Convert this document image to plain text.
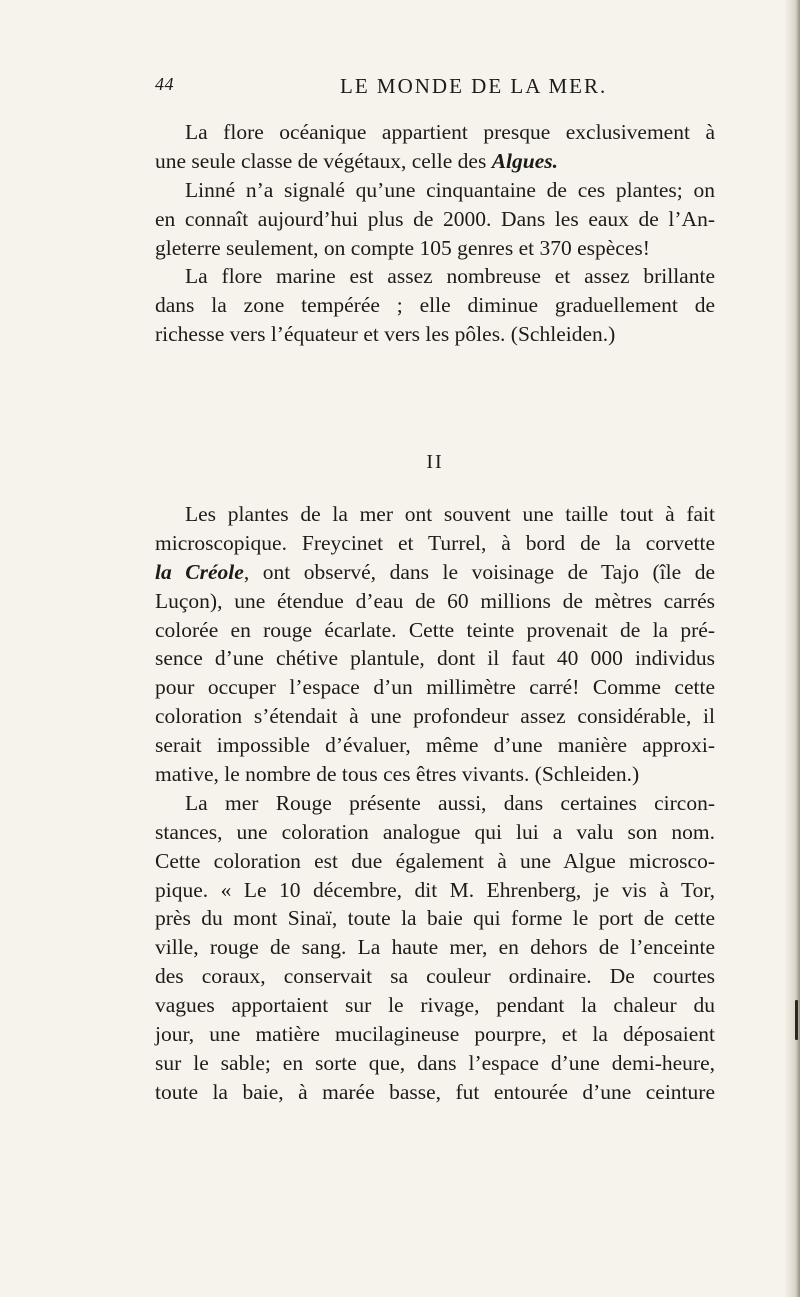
44	LE MONDE DE LA MER.
La flore océanique appartient presque exclusivement à
une seule classe de végétaux, celle des Algues.
Linné n’a signalé qu’une cinquantaine de ces plantes; on
en connaît aujourd’hui plus de 2000. Dans les eaux de l’An-
gleterre seulement, on compte 105 genres et 370 espèces!
La flore marine est assez nombreuse et assez brillante
dans la zone tempérée ; elle diminue graduellement de
richesse vers l’équateur et vers les pôles. (Schleiden.)
II
Les plantes de la mer ont souvent une taille tout à fait
microscopique. Freycinet et Turrel, à bord de la corvette
la Créole, ont observé, dans le voisinage de Tajo (île de
Luçon), une étendue d’eau de 60 millions de mètres carrés
colorée en rouge écarlate. Cette teinte provenait de la pré-
sence d’une chétive plantule, dont il faut 40 000 individus
pour occuper l’espace d’un millimètre carré! Comme cette
coloration s’étendait à une profondeur assez considérable, il
serait impossible d’évaluer, même d’une manière approxi-
mative, le nombre de tous ces êtres vivants. (Schleiden.)
La mer Rouge présente aussi, dans certaines circon-
stances, une coloration analogue qui lui a valu son nom.
Cette coloration est due également à une Algue microsco-
pique. « Le 10 décembre, dit M. Ehrenberg, je vis à Tor,
près du mont Sinaï, toute la baie qui forme le port de cette
ville, rouge de sang. La haute mer, en dehors de l’enceinte
des coraux, conservait sa couleur ordinaire. De courtes
vagues apportaient sur le rivage, pendant la chaleur du
jour, une matière mucilagineuse pourpre, et la déposaient
sur le sable; en sorte que, dans l’espace d’une demi-heure,
toute la baie, à marée basse, fut entourée d’une ceinture
